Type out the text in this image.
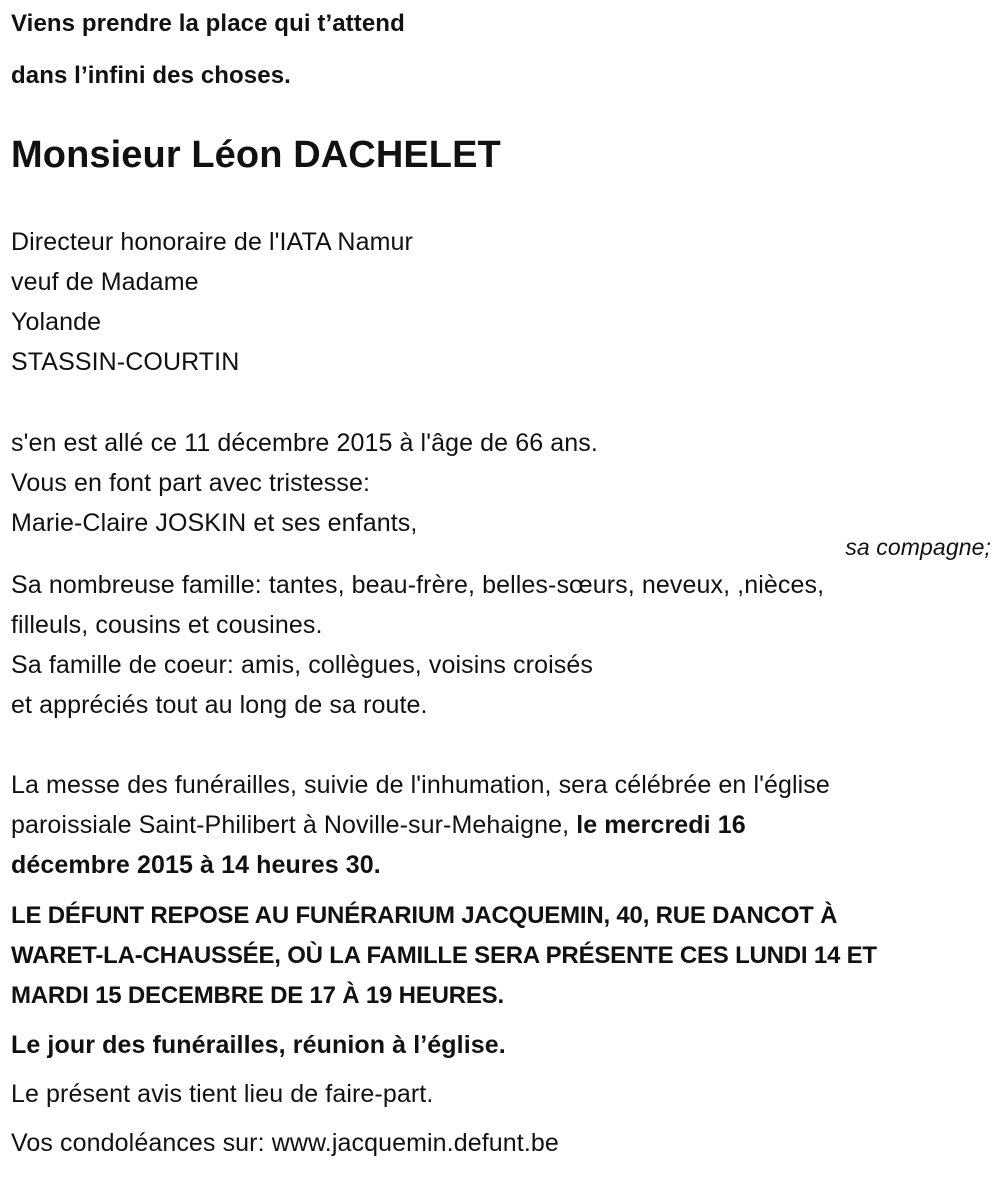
Viens prendre la place qui t’attend
dans l’infini des choses.
Monsieur Léon DACHELET
Directeur honoraire de l'IATA Namur
veuf de Madame
Yolande
STASSIN-COURTIN
s'en est allé ce 11 décembre 2015 à l'âge de 66 ans.
Vous en font part avec tristesse:
Marie-Claire JOSKIN et ses enfants,
sa compagne;
Sa nombreuse famille: tantes, beau-frère, belles-sœurs, neveux, ,nièces,
filleuls, cousins et cousines.
Sa famille de coeur: amis, collègues, voisins croisés
et appréciés tout au long de sa route.
La messe des funérailles, suivie de l'inhumation, sera célébrée en l'église
paroissiale Saint-Philibert à Noville-sur-Mehaigne, le mercredi 16
décembre 2015 à 14 heures 30.
LE DÉFUNT REPOSE AU FUNÉRARIUM JACQUEMIN, 40, RUE DANCOT À
WARET-LA-CHAUSSÉE, OÙ LA FAMILLE SERA PRÉSENTE CES LUNDI 14 ET
MARDI 15 DECEMBRE DE 17 À 19 HEURES.
Le jour des funérailles, réunion à l’église.
Le présent avis tient lieu de faire-part.
Vos condoléances sur: www.jacquemin.defunt.be
